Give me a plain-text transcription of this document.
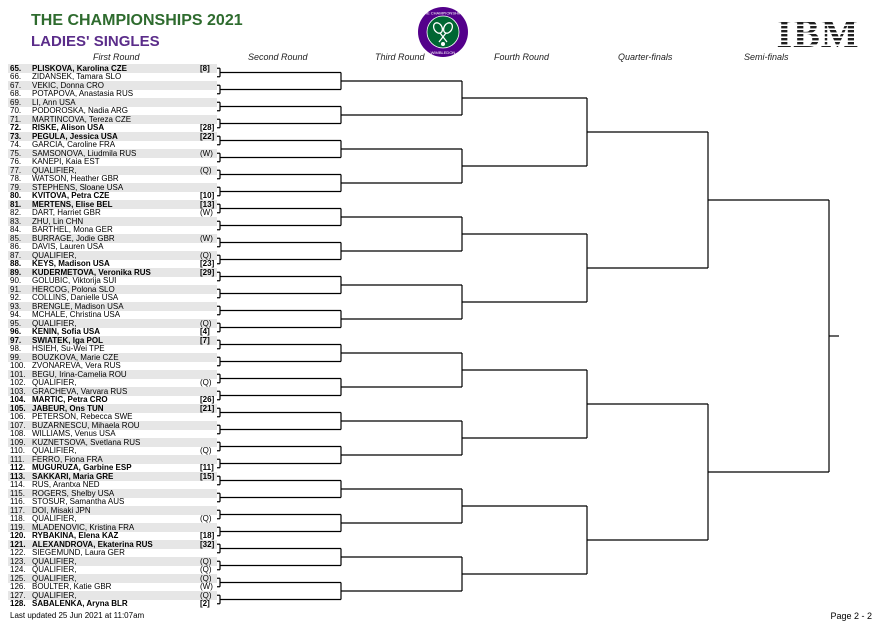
THE CHAMPIONSHIPS 2021
LADIES' SINGLES
THE CHAMPIONSHIPS
WIMBLEDON	IBM
First Round	Second Round	Third Round	Fourth Round	Quarter-finals	Semi-finals
65. PLISKOVA, Karolina CZE	[8]
66. ZIDANSEK, Tamara SLO
67. VEKIC, Donna CRO
68. POTAPOVA, Anastasia RUS
69. LI, Ann USA
70. PODOROSKA, Nadia ARG
71. MARTINCOVA, Tereza CZE
72. RISKE, Alison USA	[28]
73. PEGULA, Jessica USA	[22]
74. GARCIA, Caroline FRA
75. SAMSONOVA, Liudmila RUS	(W)
76. KANEPI, Kaia EST
77. QUALIFIER,	(Q)
78. WATSON, Heather GBR
79. STEPHENS, Sloane USA
80. KVITOVA, Petra CZE	[10]
81. MERTENS, Elise BEL	[13]
82. DART, Harriet GBR	(W)
83. ZHU, Lin CHN
84. BARTHEL, Mona GER
85. BURRAGE, Jodie GBR	(W)
86. DAVIS, Lauren USA
87. QUALIFIER,	(Q)
88. KEYS, Madison USA	[23]
89. KUDERMETOVA, Veronika RUS	[29]
90. GOLUBIC, Viktorija SUI
91. HERCOG, Polona SLO
92. COLLINS, Danielle USA
93. BRENGLE, Madison USA
94. MCHALE, Christina USA
95. QUALIFIER,	(Q)
96. KENIN, Sofia USA	[4]
97. SWIATEK, Iga POL	[7]
98. HSIEH, Su-Wei TPE
99. BOUZKOVA, Marie CZE
100. ZVONAREVA, Vera RUS
101. BEGU, Irina-Camelia ROU
102. QUALIFIER,	(Q)
103. GRACHEVA, Varvara RUS
104. MARTIC, Petra CRO	[26]
105. JABEUR, Ons TUN	[21]
106. PETERSON, Rebecca SWE
107. BUZARNESCU, Mihaela ROU
108. WILLIAMS, Venus USA
109. KUZNETSOVA, Svetlana RUS
110. QUALIFIER,	(Q)
111. FERRO, Fiona FRA
112. MUGURUZA, Garbine ESP	[11]
113. SAKKARI, Maria GRE	[15]
114. RUS, Arantxa NED
115. ROGERS, Shelby USA
116. STOSUR, Samantha AUS
117. DOI, Misaki JPN
118. QUALIFIER,	(Q)
119. MLADENOVIC, Kristina FRA
120. RYBAKINA, Elena KAZ	[18]
121. ALEXANDROVA, Ekaterina RUS	[32]
122. SIEGEMUND, Laura GER
123. QUALIFIER,	(Q)
124. QUALIFIER,	(Q)
125. QUALIFIER,	(Q)
126. BOULTER, Katie GBR	(W)
127. QUALIFIER,	(Q)
128. SABALENKA, Aryna BLR	[2]
Last updated 25 Jun 2021 at 11:07am	Page 2 - 2
